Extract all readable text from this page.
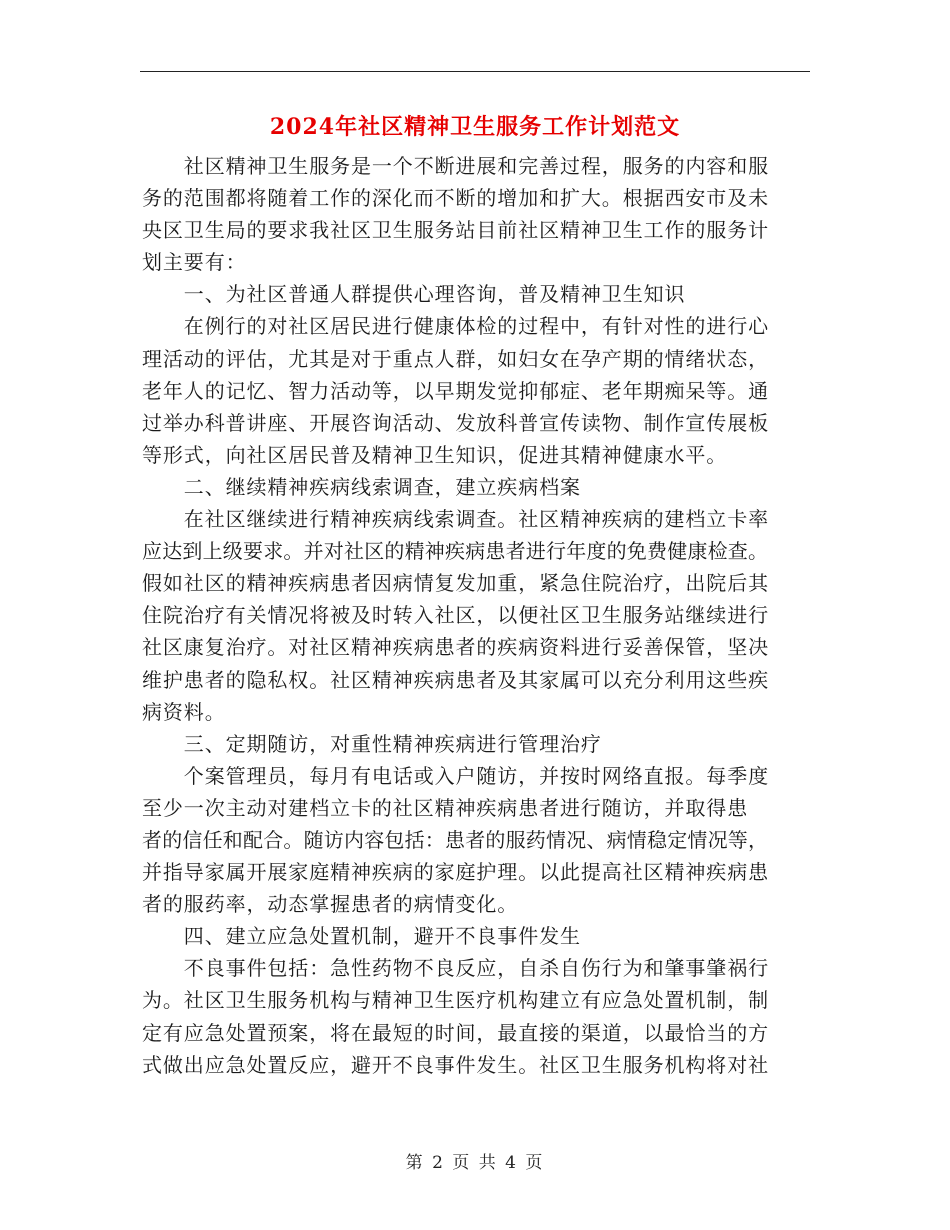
2024年社区精神卫生服务工作计划范文
　　社区精神卫生服务是一个不断进展和完善过程，服务的内容和服
务的范围都将随着工作的深化而不断的增加和扩大。根据西安市及未
央区卫生局的要求我社区卫生服务站目前社区精神卫生工作的服务计
划主要有：
　　一、为社区普通人群提供心理咨询，普及精神卫生知识
　　在例行的对社区居民进行健康体检的过程中，有针对性的进行心
理活动的评估，尤其是对于重点人群，如妇女在孕产期的情绪状态，
老年人的记忆、智力活动等，以早期发觉抑郁症、老年期痴呆等。通
过举办科普讲座、开展咨询活动、发放科普宣传读物、制作宣传展板
等形式，向社区居民普及精神卫生知识，促进其精神健康水平。
　　二、继续精神疾病线索调查，建立疾病档案
　　在社区继续进行精神疾病线索调查。社区精神疾病的建档立卡率
应达到上级要求。并对社区的精神疾病患者进行年度的免费健康检查。
假如社区的精神疾病患者因病情复发加重，紧急住院治疗，出院后其
住院治疗有关情况将被及时转入社区，以便社区卫生服务站继续进行
社区康复治疗。对社区精神疾病患者的疾病资料进行妥善保管，坚决
维护患者的隐私权。社区精神疾病患者及其家属可以充分利用这些疾
病资料。
　　三、定期随访，对重性精神疾病进行管理治疗
　　个案管理员，每月有电话或入户随访，并按时网络直报。每季度
至少一次主动对建档立卡的社区精神疾病患者进行随访，并取得患
者的信任和配合。随访内容包括：患者的服药情况、病情稳定情况等，
并指导家属开展家庭精神疾病的家庭护理。以此提高社区精神疾病患
者的服药率，动态掌握患者的病情变化。
　　四、建立应急处置机制，避开不良事件发生
　　不良事件包括：急性药物不良反应，自杀自伤行为和肇事肇祸行
为。社区卫生服务机构与精神卫生医疗机构建立有应急处置机制，制
定有应急处置预案，将在最短的时间，最直接的渠道，以最恰当的方
式做出应急处置反应，避开不良事件发生。社区卫生服务机构将对社
第 2 页 共 4 页
